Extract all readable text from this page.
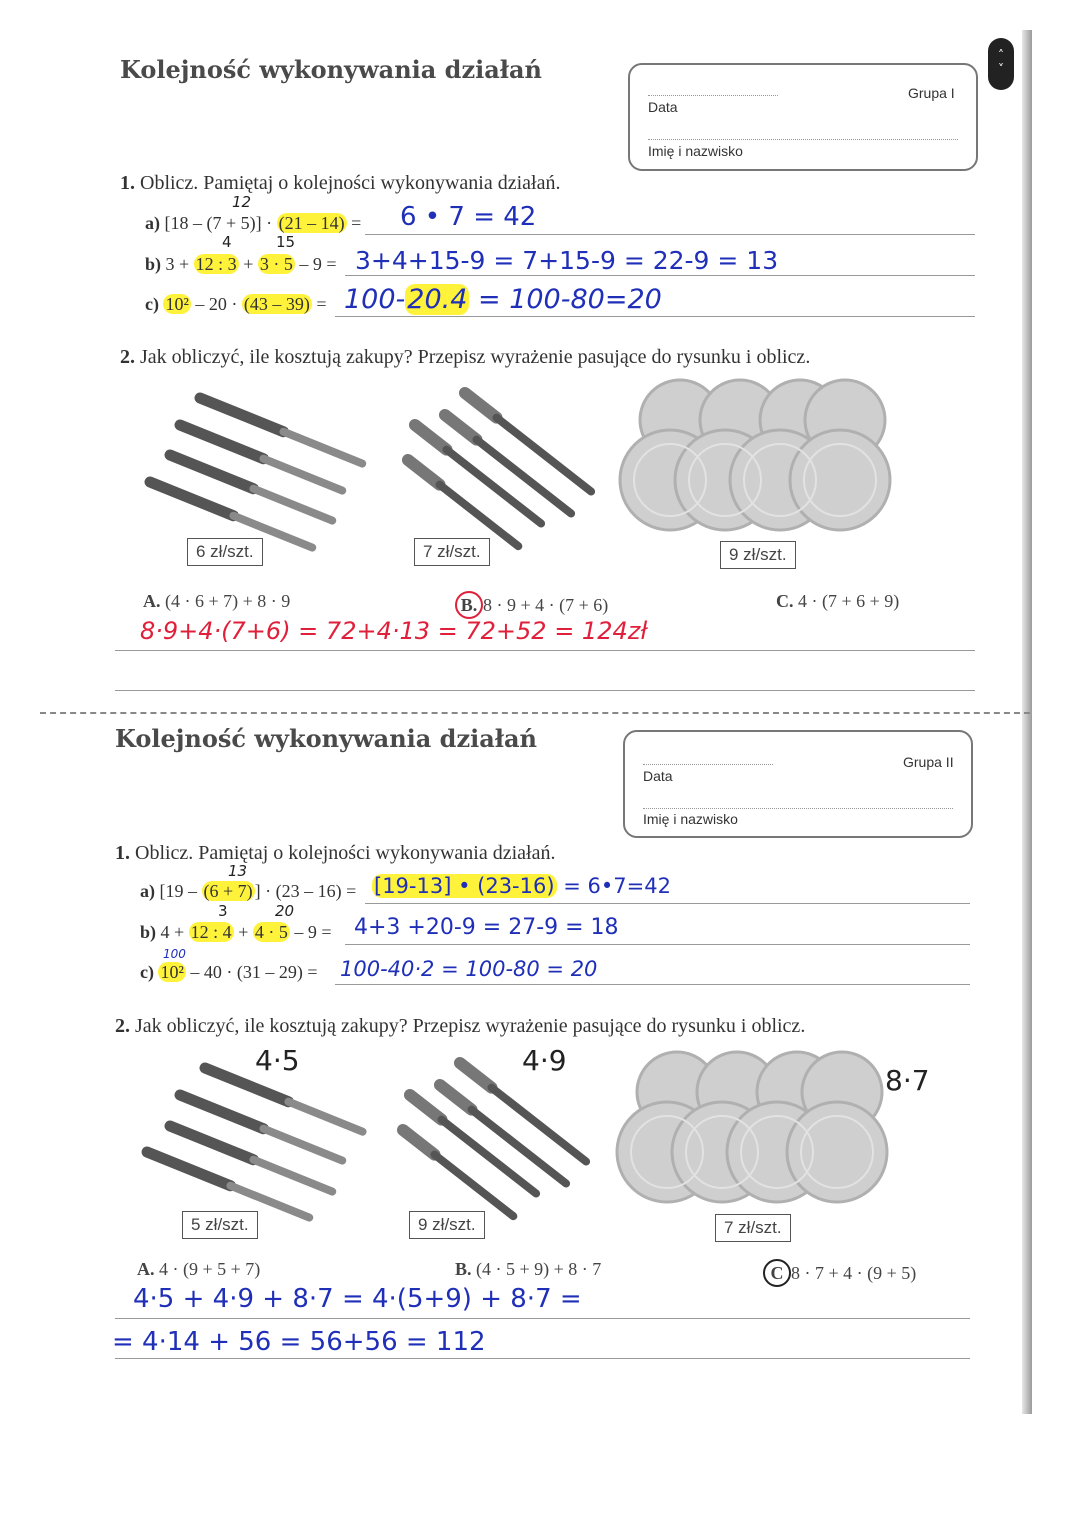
˄
˅
Kolejność wykonywania działań
Data
Grupa I
Imię i nazwisko
1. Oblicz. Pamiętaj o kolejności wykonywania działań.
12
a) [18 – (7 + 5)] · (21 – 14) = 6 • 7 = 42
4	15
b) 3 + 12 : 3 + 3 · 5 – 9 = 3+4+15-9 = 7+15-9 = 22-9 = 13
c) 10² – 20 · (43 – 39) = 100-20.4 = 100-80=20
2. Jak obliczyć, ile kosztują zakupy? Przepisz wyrażenie pasujące do rysunku i oblicz.
6 zł/szt.	7 zł/szt.	9 zł/szt.
A. (4 · 6 + 7) + 8 · 9	B. 8 · 9 + 4 · (7 + 6)	C. 4 · (7 + 6 + 9)
8·9+4·(7+6) = 72+4·13 = 72+52 = 124zł
Kolejność wykonywania działań
Data
Grupa II
Imię i nazwisko
1. Oblicz. Pamiętaj o kolejności wykonywania działań.
13
a) [19 – (6 + 7) ] · (23 – 16) = [19-13] • (23-16) = 6•7=42
3	20
b) 4 + 12 : 4 + 4 · 5 – 9 = 4+3 +20-9 = 27-9 = 18
100
c) 10² – 40 · (31 – 29) = 100-40·2 = 100-80 = 20
2. Jak obliczyć, ile kosztują zakupy? Przepisz wyrażenie pasujące do rysunku i oblicz.
4·5	4·9
8·7
5 zł/szt.	9 zł/szt.	7 zł/szt.
A. 4 · (9 + 5 + 7)	B. (4 · 5 + 9) + 8 · 7	C 8 · 7 + 4 · (9 + 5)
4·5 + 4·9 + 8·7 = 4·(5+9) + 8·7 =
= 4·14 + 56 = 56+56 = 112
